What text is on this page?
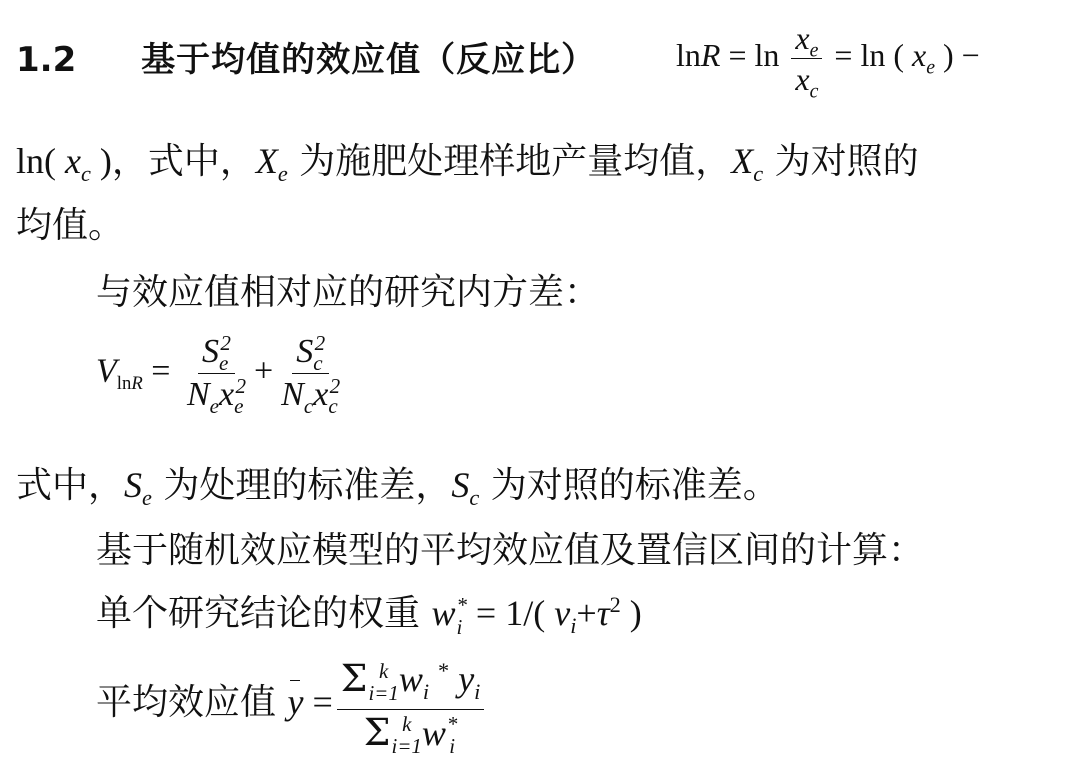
1.2 基于均值的效应值（反应比） $\ln R = \ln \frac{x_e}{x_c} = \ln$ ( $x_e$ ) −
ln( $x_c$ )，式中，$X_e$ 为施肥处理样地产量均值，$X_c$ 为对照的
均值。
与效应值相对应的研究内方差：
$V_{lnR} = \frac{S_e^2}{N_ex_e^2} + \frac{S_c^2}{N_cx_c^2}$
式中，$S_e$ 为处理的标准差，$S_c$ 为对照的标准差。
基于随机效应模型的平均效应值及置信区间的计算：
单个研究结论的权重 w *
i = 1/( $v_i+\tau^2$ )
平均效应值 y = Σ k
i=1 $w_i$ * $y_i$
Σ k
i=1 w *
i
